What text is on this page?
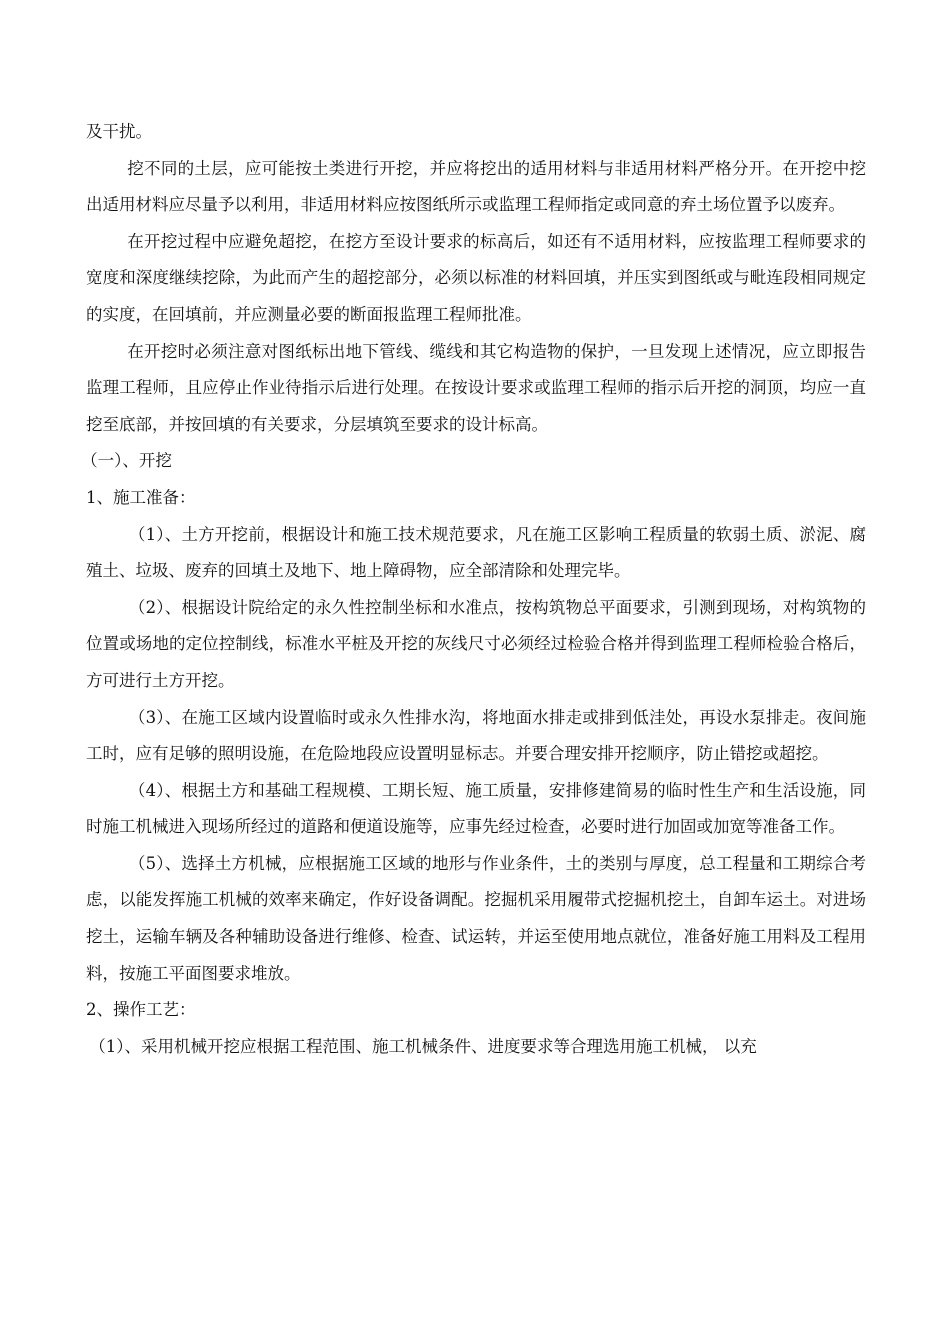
及干扰。

挖不同的土层，应可能按土类进行开挖，并应将挖出的适用材料与非适用材料严格分开。在开挖中挖出适用材料应尽量予以利用，非适用材料应按图纸所示或监理工程师指定或同意的弃土场位置予以废弃。

在开挖过程中应避免超挖，在挖方至设计要求的标高后，如还有不适用材料，应按监理工程师要求的宽度和深度继续挖除，为此而产生的超挖部分，必须以标准的材料回填，并压实到图纸或与毗连段相同规定的实度，在回填前，并应测量必要的断面报监理工程师批准。

在开挖时必须注意对图纸标出地下管线、缆线和其它构造物的保护，一旦发现上述情况，应立即报告监理工程师，且应停止作业待指示后进行处理。在按设计要求或监理工程师的指示后开挖的洞顶，均应一直挖至底部，并按回填的有关要求，分层填筑至要求的设计标高。

（一）、开挖

1、施工准备：

（1）、土方开挖前，根据设计和施工技术规范要求，凡在施工区影响工程质量的软弱土质、淤泥、腐殖土、垃圾、废弃的回填土及地下、地上障碍物，应全部清除和处理完毕。

（2）、根据设计院给定的永久性控制坐标和水准点，按构筑物总平面要求，引测到现场，对构筑物的位置或场地的定位控制线，标准水平桩及开挖的灰线尺寸必须经过检验合格并得到监理工程师检验合格后，方可进行土方开挖。

（3）、在施工区域内设置临时或永久性排水沟，将地面水排走或排到低洼处，再设水泵排走。夜间施工时，应有足够的照明设施，在危险地段应设置明显标志。并要合理安排开挖顺序，防止错挖或超挖。

（4）、根据土方和基础工程规模、工期长短、施工质量，安排修建简易的临时性生产和生活设施，同时施工机械进入现场所经过的道路和便道设施等，应事先经过检查，必要时进行加固或加宽等准备工作。

（5）、选择土方机械，应根据施工区域的地形与作业条件，土的类别与厚度，总工程量和工期综合考虑，以能发挥施工机械的效率来确定，作好设备调配。挖掘机采用履带式挖掘机挖土，自卸车运土。对进场挖土，运输车辆及各种辅助设备进行维修、检查、试运转，并运至使用地点就位，准备好施工用料及工程用料，按施工平面图要求堆放。

2、操作工艺：

（1）、采用机械开挖应根据工程范围、施工机械条件、进度要求等合理选用施工机械， 以充
